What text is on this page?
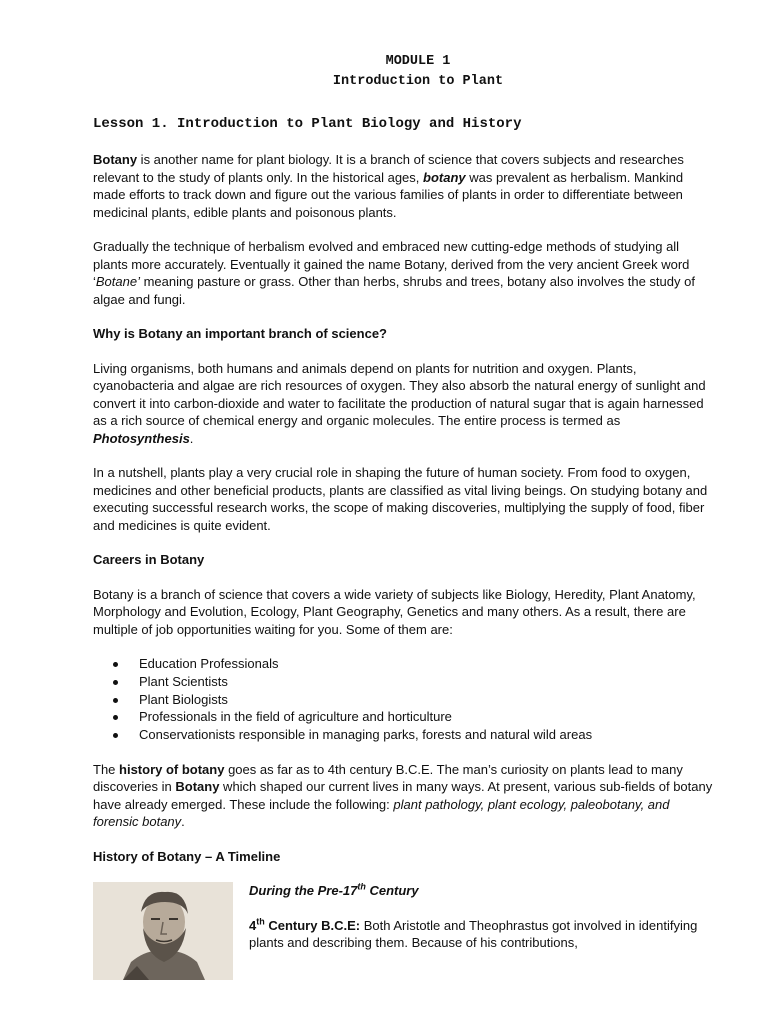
MODULE 1
Introduction to Plant
Lesson 1. Introduction to Plant Biology and History

Botany is another name for plant biology. It is a branch of science that covers subjects and researches relevant to the study of plants only. In the historical ages, botany was prevalent as herbalism. Mankind made efforts to track down and figure out the various families of plants in order to differentiate between medicinal plants, edible plants and poisonous plants.

Gradually the technique of herbalism evolved and embraced new cutting-edge methods of studying all plants more accurately. Eventually it gained the name Botany, derived from the very ancient Greek word ‘Botane’ meaning pasture or grass. Other than herbs, shrubs and trees, botany also involves the study of algae and fungi.

Why is Botany an important branch of science?

Living organisms, both humans and animals depend on plants for nutrition and oxygen. Plants, cyanobacteria and algae are rich resources of oxygen. They also absorb the natural energy of sunlight and convert it into carbon-dioxide and water to facilitate the production of natural sugar that is again harnessed as a rich source of chemical energy and organic molecules. The entire process is termed as Photosynthesis.

In a nutshell, plants play a very crucial role in shaping the future of human society. From food to oxygen, medicines and other beneficial products, plants are classified as vital living beings. On studying botany and executing successful research works, the scope of making discoveries, multiplying the supply of food, fiber and medicines is quite evident.

Careers in Botany

Botany is a branch of science that covers a wide variety of subjects like Biology, Heredity, Plant Anatomy, Morphology and Evolution, Ecology, Plant Geography, Genetics and many others. As a result, there are multiple of job opportunities waiting for you. Some of them are:

Education Professionals
Plant Scientists
Plant Biologists
Professionals in the field of agriculture and horticulture
Conservationists responsible in managing parks, forests and natural wild areas

The history of botany goes as far as to 4th century B.C.E. The man’s curiosity on plants lead to many discoveries in Botany which shaped our current lives in many ways. At present, various sub-fields of botany have already emerged. These include the following: plant pathology, plant ecology, paleobotany, and forensic botany.

History of Botany – A Timeline
During the Pre-17th Century

4th Century B.C.E: Both Aristotle and Theophrastus got involved in identifying plants and describing them. Because of his contributions,
